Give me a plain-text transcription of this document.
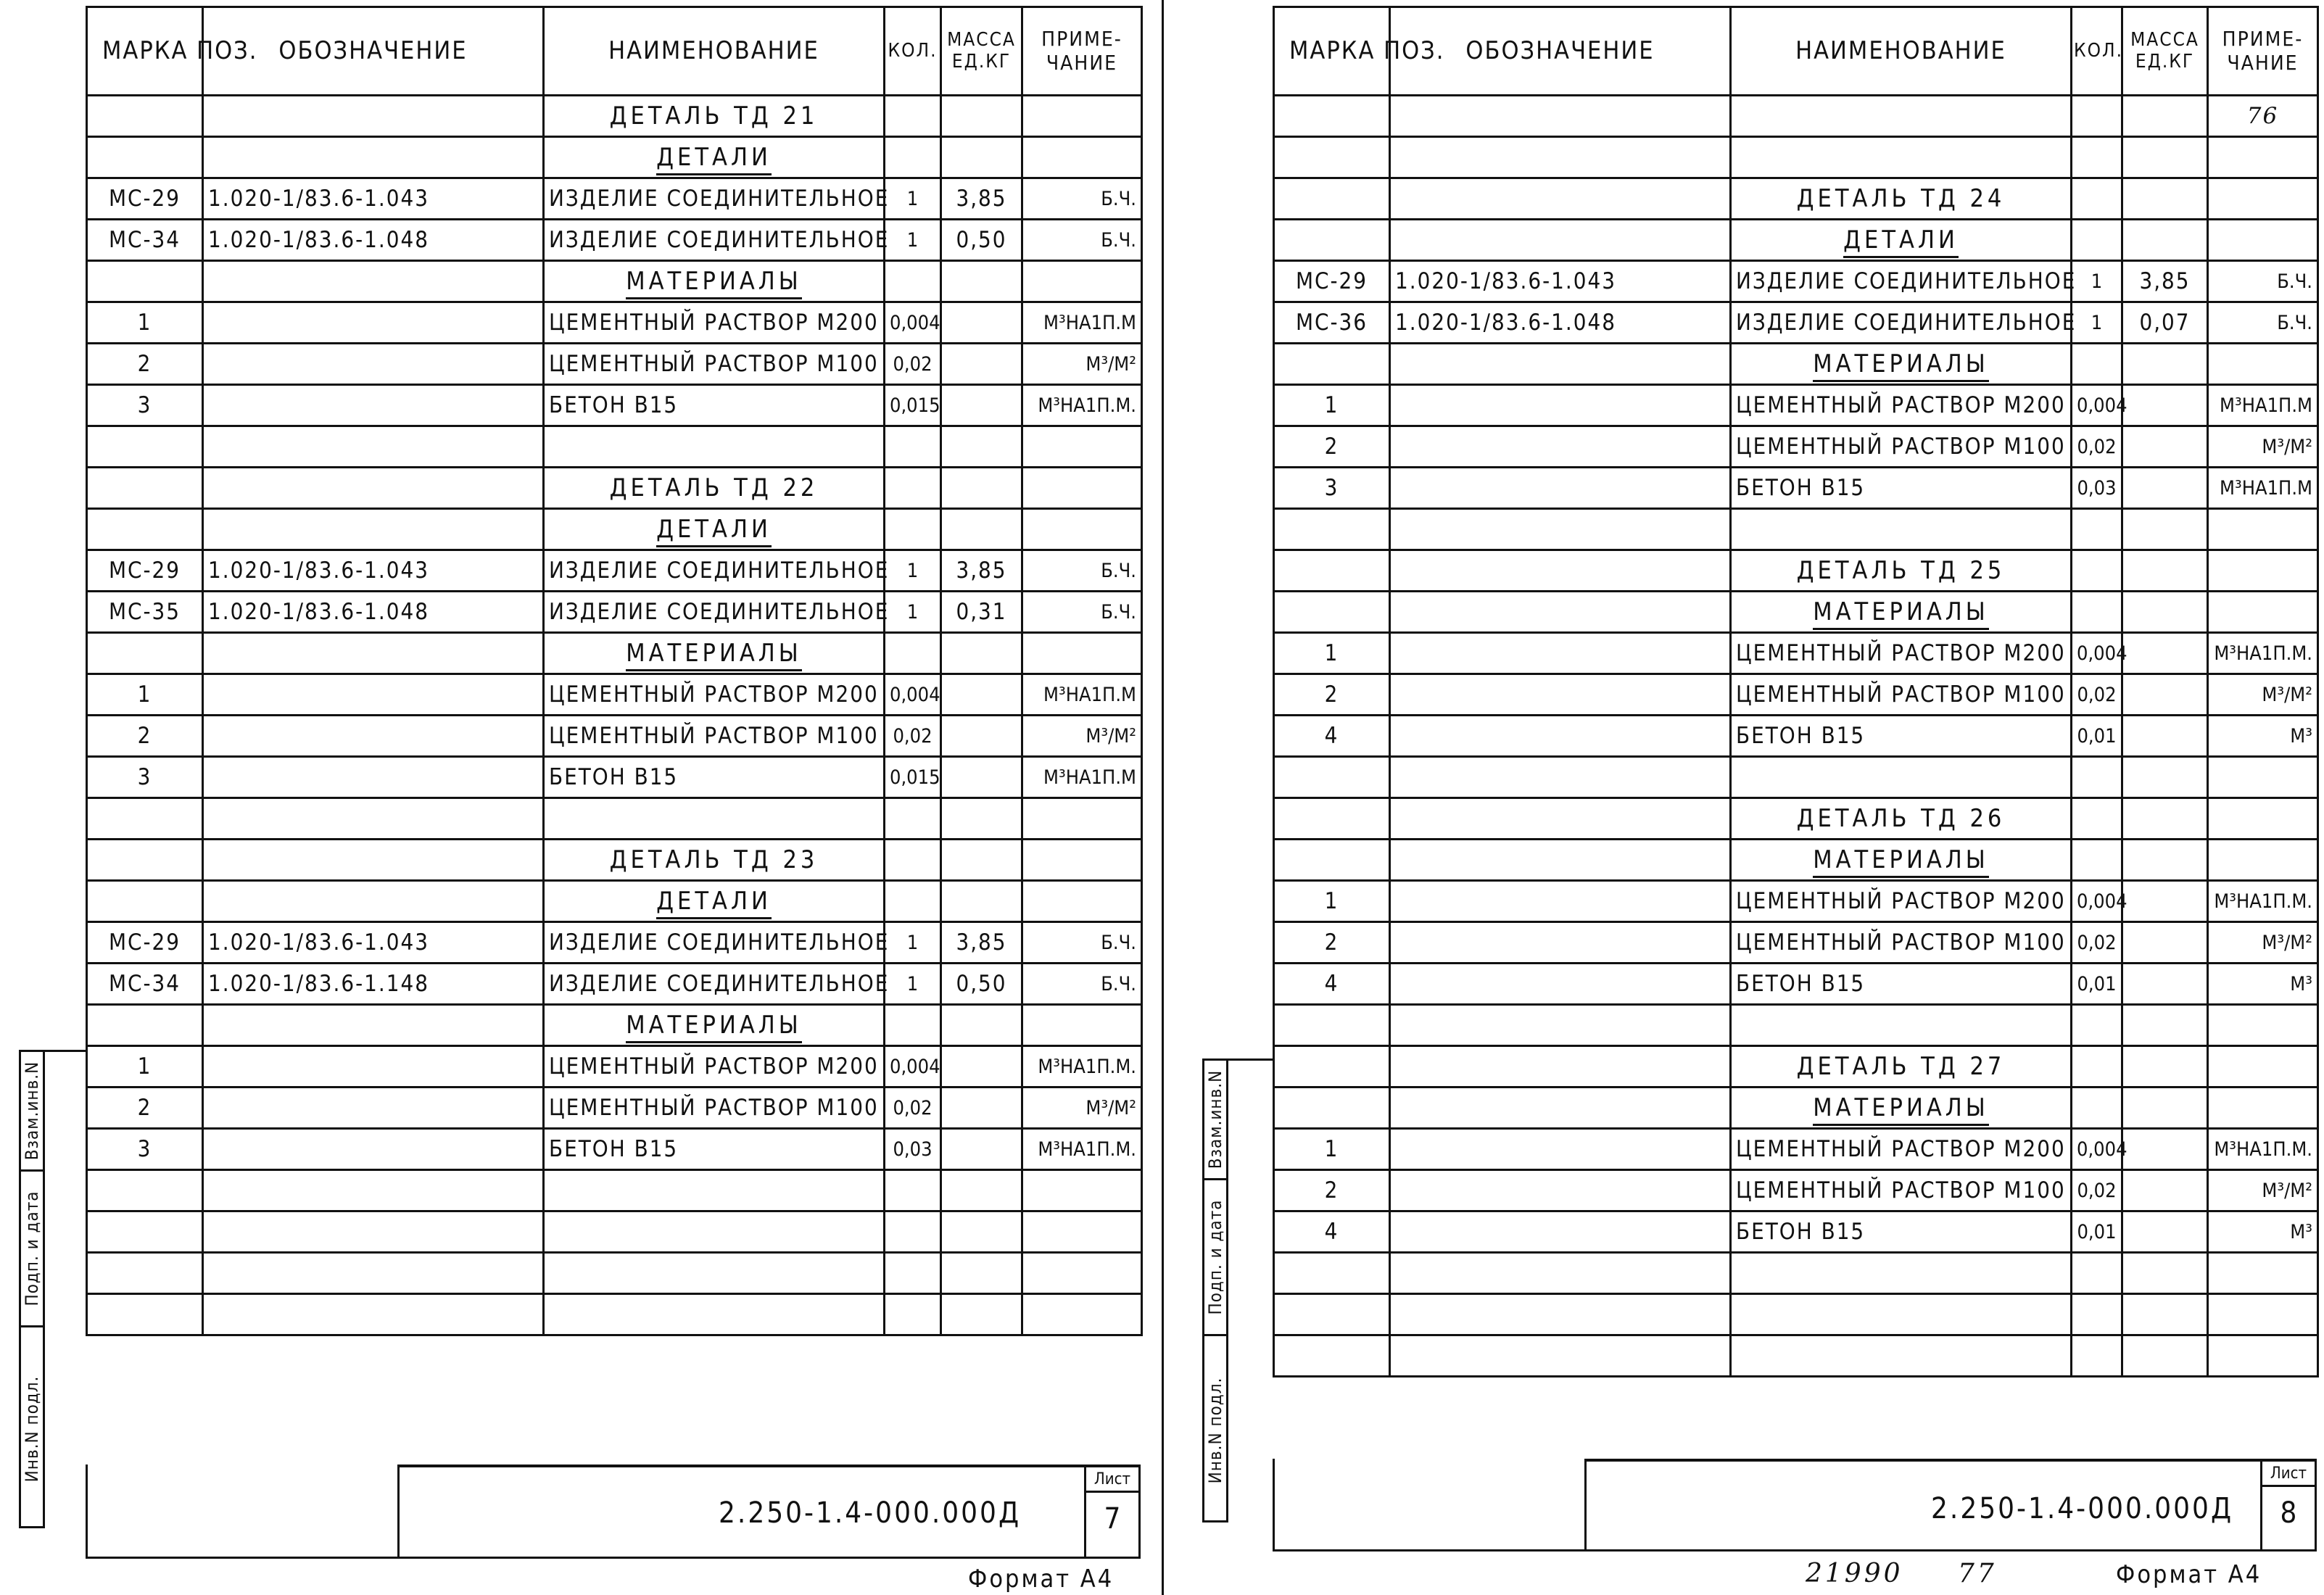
МАРКА ПОЗ.	ОБОЗНАЧЕНИЕ	НАИМЕНОВАНИЕ	КОЛ.	МАССА ЕД.КГ	ПРИМЕ-ЧАНИЕ
		ДЕТАЛЬ ТД 21			
		ДЕТАЛИ			
МС-29	1.020-1/83.6-1.043	ИЗДЕЛИЕ СОЕДИНИТЕЛЬНОЕ	1	3,85	Б.Ч.
МС-34	1.020-1/83.6-1.048	ИЗДЕЛИЕ СОЕДИНИТЕЛЬНОЕ	1	0,50	Б.Ч.
		МАТЕРИАЛЫ			
1		ЦЕМЕНТНЫЙ РАСТВОР М200	0,004		М³НА1П.М
2		ЦЕМЕНТНЫЙ РАСТВОР М100	0,02		М³/М²
3		БЕТОН В15	0,015		М³НА1П.М.

		ДЕТАЛЬ ТД 22			
		ДЕТАЛИ			
МС-29	1.020-1/83.6-1.043	ИЗДЕЛИЕ СОЕДИНИТЕЛЬНОЕ	1	3,85	Б.Ч.
МС-35	1.020-1/83.6-1.048	ИЗДЕЛИЕ СОЕДИНИТЕЛЬНОЕ	1	0,31	Б.Ч.
		МАТЕРИАЛЫ			
1		ЦЕМЕНТНЫЙ РАСТВОР М200	0,004		М³НА1П.М
2		ЦЕМЕНТНЫЙ РАСТВОР М100	0,02		М³/М²
3		БЕТОН В15	0,015		М³НА1П.М

		ДЕТАЛЬ ТД 23			
		ДЕТАЛИ			
МС-29	1.020-1/83.6-1.043	ИЗДЕЛИЕ СОЕДИНИТЕЛЬНОЕ	1	3,85	Б.Ч.
МС-34	1.020-1/83.6-1.148	ИЗДЕЛИЕ СОЕДИНИТЕЛЬНОЕ	1	0,50	Б.Ч.
		МАТЕРИАЛЫ			
1		ЦЕМЕНТНЫЙ РАСТВОР М200	0,004		М³НА1П.М.
2		ЦЕМЕНТНЫЙ РАСТВОР М100	0,02		М³/М²
3		БЕТОН В15	0,03		М³НА1П.М.

Взам.инв.N
Подп. и дата
Инв.N подл.
2.250-1.4-000.000Д
Лист
7
Формат А4
МАРКА ПОЗ.	ОБОЗНАЧЕНИЕ	НАИМЕНОВАНИЕ	КОЛ.	МАССА ЕД.КГ	ПРИМЕ-ЧАНИЕ
					76

		ДЕТАЛЬ ТД 24			
		ДЕТАЛИ			
МС-29	1.020-1/83.6-1.043	ИЗДЕЛИЕ СОЕДИНИТЕЛЬНОЕ	1	3,85	Б.Ч.
МС-36	1.020-1/83.6-1.048	ИЗДЕЛИЕ СОЕДИНИТЕЛЬНОЕ	1	0,07	Б.Ч.
		МАТЕРИАЛЫ			
1		ЦЕМЕНТНЫЙ РАСТВОР М200	0,004		М³НА1П.М
2		ЦЕМЕНТНЫЙ РАСТВОР М100	0,02		М³/М²
3		БЕТОН В15	0,03		М³НА1П.М

		ДЕТАЛЬ ТД 25			
		МАТЕРИАЛЫ			
1		ЦЕМЕНТНЫЙ РАСТВОР М200	0,004		М³НА1П.М.
2		ЦЕМЕНТНЫЙ РАСТВОР М100	0,02		М³/М²
4		БЕТОН В15	0,01		М³

		ДЕТАЛЬ ТД 26			
		МАТЕРИАЛЫ			
1		ЦЕМЕНТНЫЙ РАСТВОР М200	0,004		М³НА1П.М.
2		ЦЕМЕНТНЫЙ РАСТВОР М100	0,02		М³/М²
4		БЕТОН В15	0,01		М³

		ДЕТАЛЬ ТД 27			
		МАТЕРИАЛЫ			
1		ЦЕМЕНТНЫЙ РАСТВОР М200	0,004		М³НА1П.М.
2		ЦЕМЕНТНЫЙ РАСТВОР М100	0,02		М³/М²
4		БЕТОН В15	0,01		М³

Взам.инв.N
Подп. и дата
Инв.N подл.
2.250-1.4-000.000Д
Лист
8
21990 77	Формат А4
